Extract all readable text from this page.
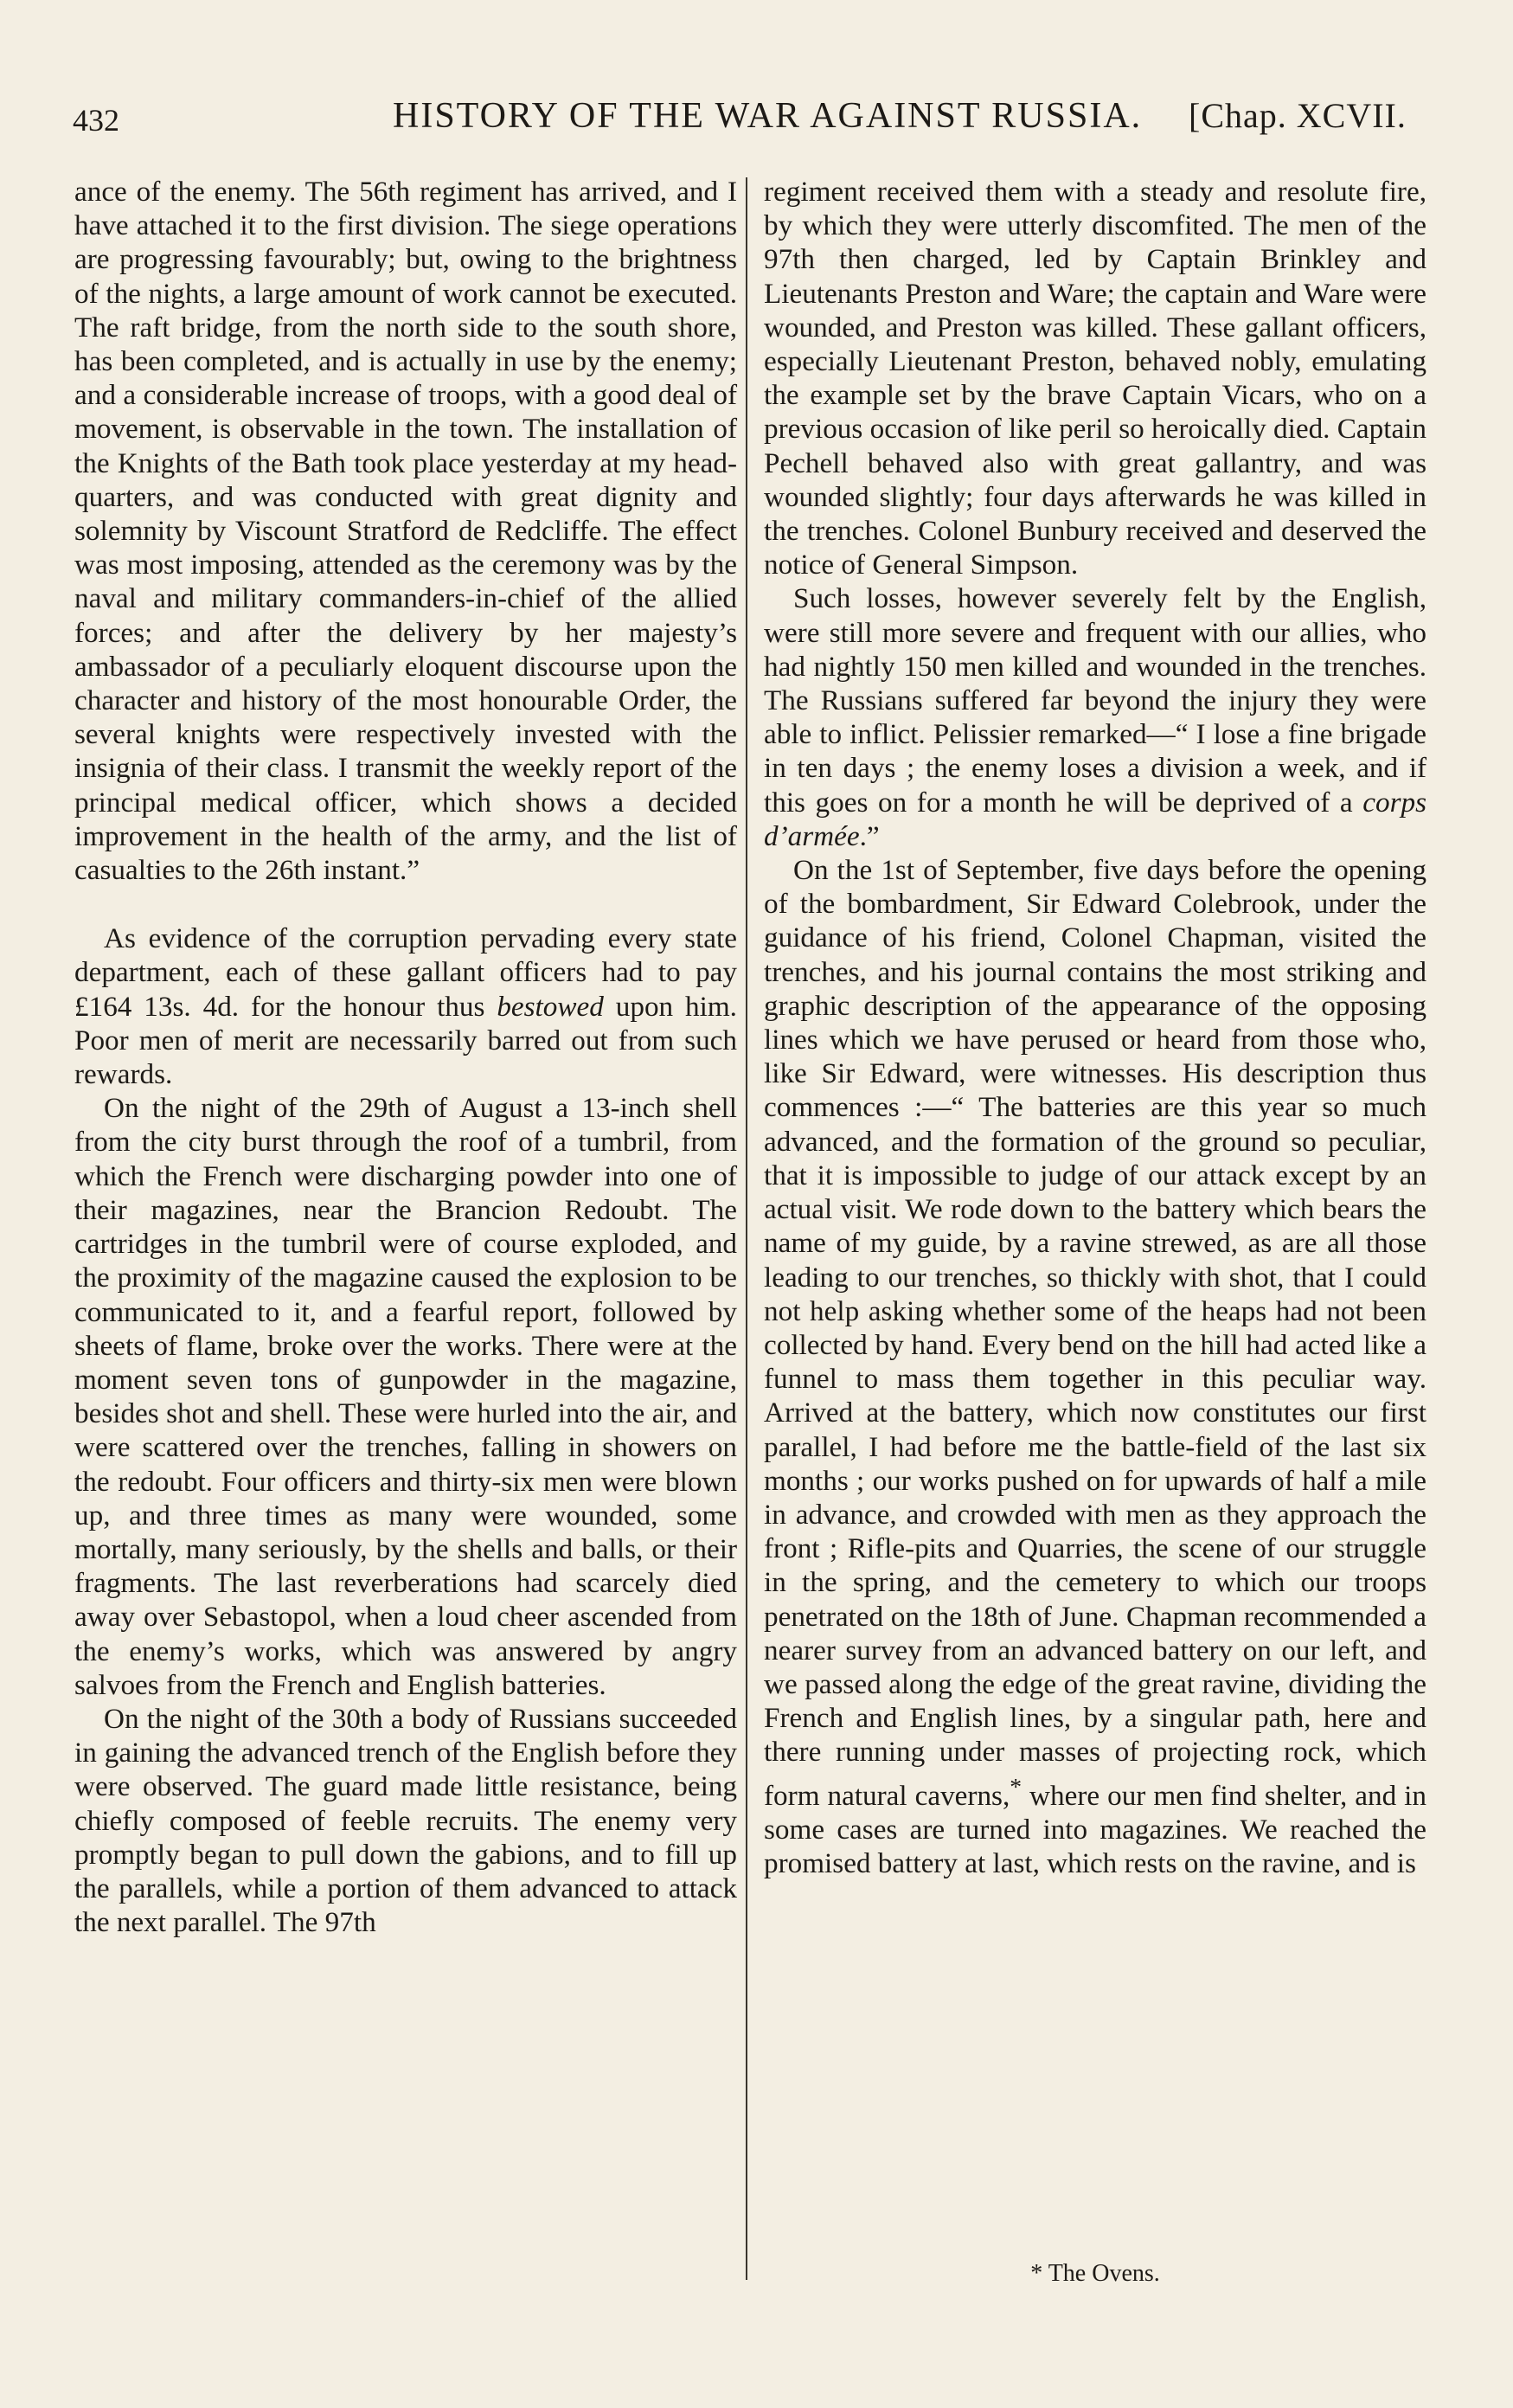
432	HISTORY OF THE WAR AGAINST RUSSIA. [Chap. XCVII.

ance of the enemy. The 56th regiment has arrived, and I have attached it to the first division. The siege operations are progressing favourably; but, owing to the brightness of the nights, a large amount of work cannot be executed. The raft bridge, from the north side to the south shore, has been completed, and is actually in use by the enemy; and a considerable increase of troops, with a good deal of movement, is observable in the town. The installation of the Knights of the Bath took place yesterday at my head-quarters, and was conducted with great dignity and solemnity by Viscount Stratford de Redcliffe. The effect was most imposing, attended as the ceremony was by the naval and military commanders-in-chief of the allied forces; and after the delivery by her majesty’s ambassador of a peculiarly eloquent discourse upon the character and history of the most honourable Order, the several knights were respectively invested with the insignia of their class. I transmit the weekly report of the principal medical officer, which shows a decided improvement in the health of the army, and the list of casualties to the 26th instant.”

As evidence of the corruption pervading every state department, each of these gallant officers had to pay £164 13s. 4d. for the honour thus bestowed upon him. Poor men of merit are necessarily barred out from such rewards.

On the night of the 29th of August a 13-inch shell from the city burst through the roof of a tumbril, from which the French were discharging powder into one of their magazines, near the Brancion Redoubt. The cartridges in the tumbril were of course exploded, and the proximity of the magazine caused the explosion to be communicated to it, and a fearful report, followed by sheets of flame, broke over the works. There were at the moment seven tons of gunpowder in the magazine, besides shot and shell. These were hurled into the air, and were scattered over the trenches, falling in showers on the redoubt. Four officers and thirty-six men were blown up, and three times as many were wounded, some mortally, many seriously, by the shells and balls, or their fragments. The last reverberations had scarcely died away over Sebastopol, when a loud cheer ascended from the enemy’s works, which was answered by angry salvoes from the French and English batteries.

On the night of the 30th a body of Russians succeeded in gaining the advanced trench of the English before they were observed. The guard made little resistance, being chiefly composed of feeble recruits. The enemy very promptly began to pull down the gabions, and to fill up the parallels, while a portion of them advanced to attack the next parallel. The 97th

regiment received them with a steady and resolute fire, by which they were utterly discomfited. The men of the 97th then charged, led by Captain Brinkley and Lieutenants Preston and Ware; the captain and Ware were wounded, and Preston was killed. These gallant officers, especially Lieutenant Preston, behaved nobly, emulating the example set by the brave Captain Vicars, who on a previous occasion of like peril so heroically died. Captain Pechell behaved also with great gallantry, and was wounded slightly; four days afterwards he was killed in the trenches. Colonel Bunbury received and deserved the notice of General Simpson.

Such losses, however severely felt by the English, were still more severe and frequent with our allies, who had nightly 150 men killed and wounded in the trenches. The Russians suffered far beyond the injury they were able to inflict. Pelissier remarked—“ I lose a fine brigade in ten days ; the enemy loses a division a week, and if this goes on for a month he will be deprived of a corps d’armée.”

On the 1st of September, five days before the opening of the bombardment, Sir Edward Colebrook, under the guidance of his friend, Colonel Chapman, visited the trenches, and his journal contains the most striking and graphic description of the appearance of the opposing lines which we have perused or heard from those who, like Sir Edward, were witnesses. His description thus commences :—“ The batteries are this year so much advanced, and the formation of the ground so peculiar, that it is impossible to judge of our attack except by an actual visit. We rode down to the battery which bears the name of my guide, by a ravine strewed, as are all those leading to our trenches, so thickly with shot, that I could not help asking whether some of the heaps had not been collected by hand. Every bend on the hill had acted like a funnel to mass them together in this peculiar way. Arrived at the battery, which now constitutes our first parallel, I had before me the battle-field of the last six months ; our works pushed on for upwards of half a mile in advance, and crowded with men as they approach the front ; Rifle-pits and Quarries, the scene of our struggle in the spring, and the cemetery to which our troops penetrated on the 18th of June. Chapman recommended a nearer survey from an advanced battery on our left, and we passed along the edge of the great ravine, dividing the French and English lines, by a singular path, here and there running under masses of projecting rock, which form natural caverns,* where our men find shelter, and in some cases are turned into magazines. We reached the promised battery at last, which rests on the ravine, and is

* The Ovens.
